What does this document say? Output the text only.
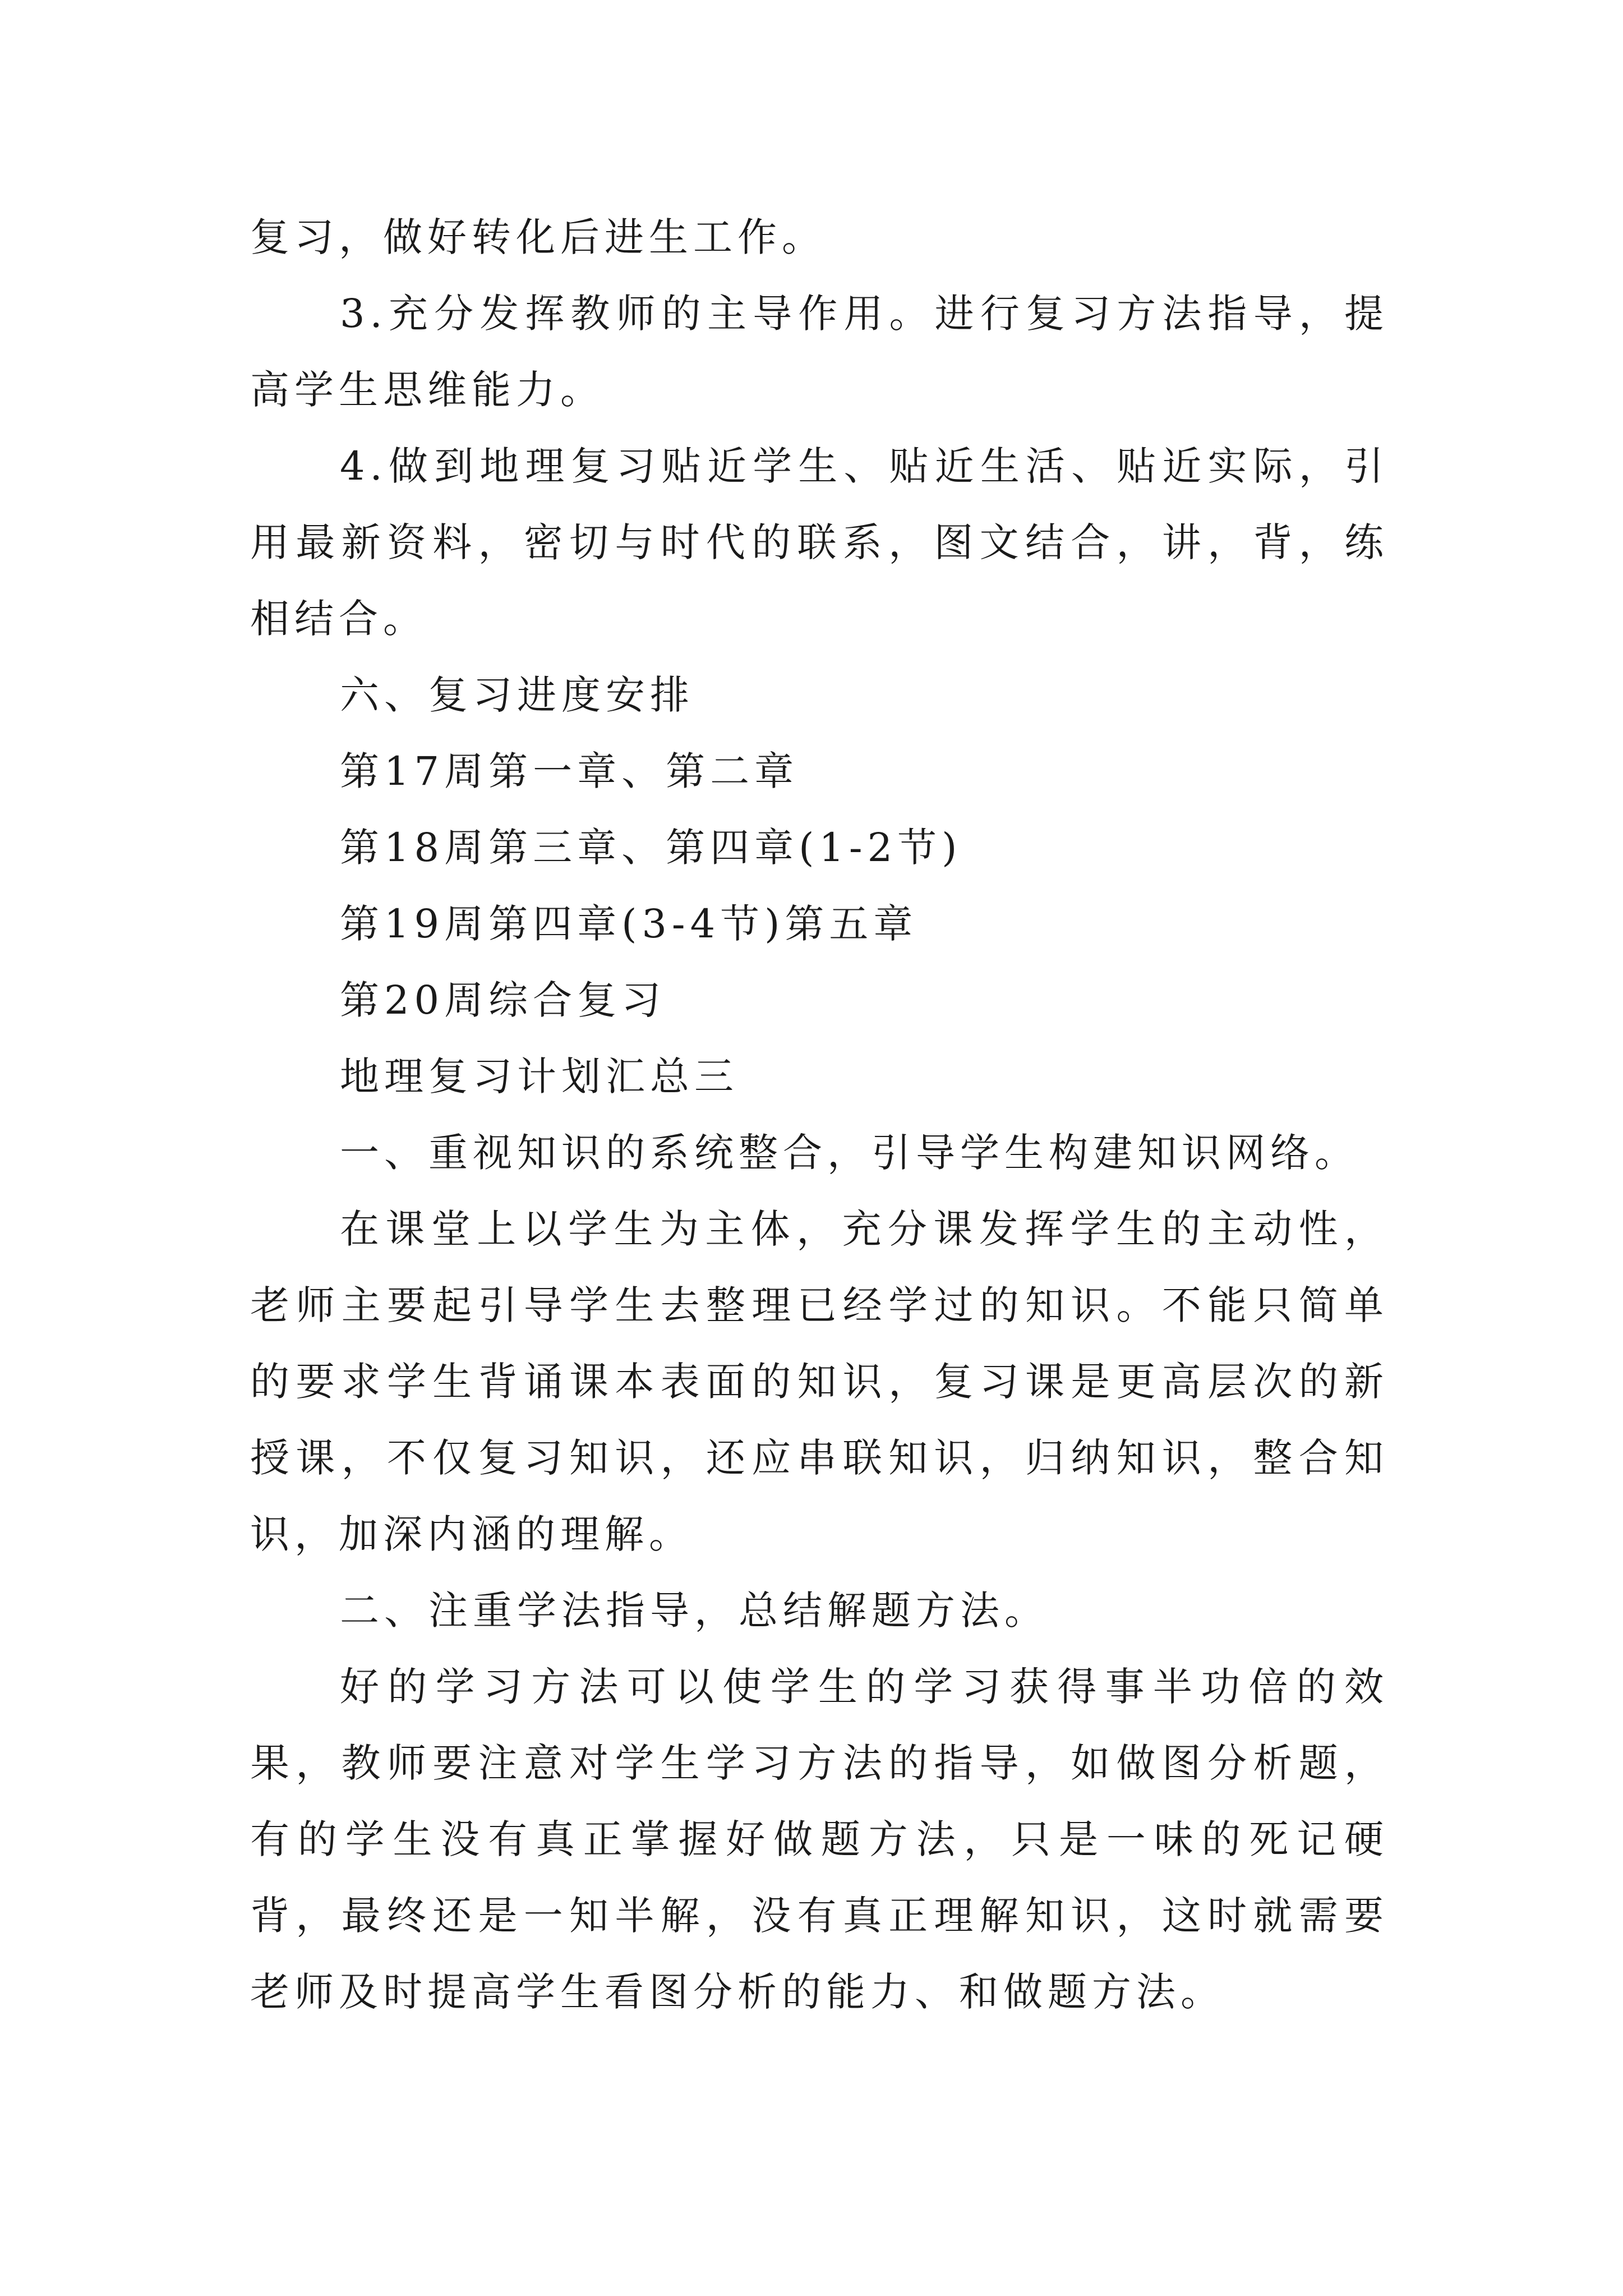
复习，做好转化后进生工作。

3.充分发挥教师的主导作用。进行复习方法指导，提高学生思维能力。

4.做到地理复习贴近学生、贴近生活、贴近实际，引用最新资料，密切与时代的联系，图文结合，讲，背，练相结合。

六、复习进度安排

第17周第一章、第二章

第18周第三章、第四章(1-2节)

第19周第四章(3-4节)第五章

第20周综合复习

地理复习计划汇总三

一、重视知识的系统整合，引导学生构建知识网络。

在课堂上以学生为主体，充分课发挥学生的主动性，老师主要起引导学生去整理已经学过的知识。不能只简单的要求学生背诵课本表面的知识，复习课是更高层次的新授课，不仅复习知识，还应串联知识，归纳知识，整合知识，加深内涵的理解。

二、注重学法指导，总结解题方法。

好的学习方法可以使学生的学习获得事半功倍的效果，教师要注意对学生学习方法的指导，如做图分析题，有的学生没有真正掌握好做题方法，只是一味的死记硬背，最终还是一知半解，没有真正理解知识，这时就需要老师及时提高学生看图分析的能力、和做题方法。
